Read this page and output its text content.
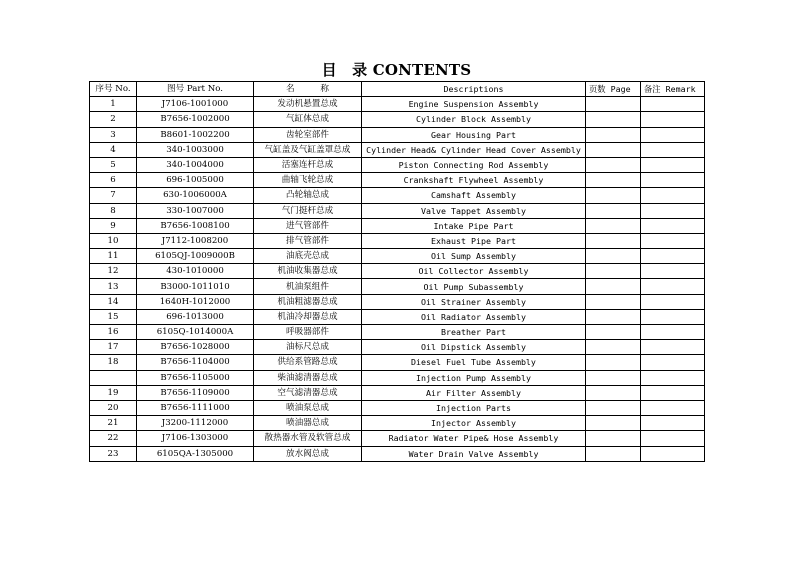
目　录 CONTENTS
序号 No.	图号 Part No.	名　　　称	Descriptions	页数 Page	备注 Remark
1	J7106-1001000	发动机悬置总成	Engine Suspension Assembly		
2	B7656-1002000	气缸体总成	Cylinder Block Assembly		
3	B8601-1002200	齿轮室部件	Gear Housing Part		
4	340-1003000	气缸盖及气缸盖罩总成	Cylinder Head& Cylinder Head Cover Assembly		
5	340-1004000	活塞连杆总成	Piston Connecting Rod Assembly		
6	696-1005000	曲轴飞轮总成	Crankshaft Flywheel Assembly		
7	630-1006000A	凸轮轴总成	Camshaft Assembly		
8	330-1007000	气门挺杆总成	Valve Tappet Assembly		
9	B7656-1008100	进气管部件	Intake Pipe Part		
10	J7112-1008200	排气管部件	Exhaust Pipe Part		
11	6105QJ-1009000B	油底壳总成	Oil Sump Assembly		
12	430-1010000	机油收集器总成	Oil Collector Assembly		
13	B3000-1011010	机油泵组件	Oil Pump Subassembly		
14	1640H-1012000	机油粗滤器总成	Oil Strainer Assembly		
15	696-1013000	机油冷却器总成	Oil Radiator Assembly		
16	6105Q-1014000A	呼吸器部件	Breather Part		
17	B7656-1028000	油标尺总成	Oil Dipstick Assembly		
18	B7656-1104000	供给系管路总成	Diesel Fuel Tube Assembly		
	B7656-1105000	柴油滤清器总成	Injection Pump Assembly		
19	B7656-1109000	空气滤清器总成	Air Filter Assembly		
20	B7656-1111000	喷油泵总成	Injection Parts		
21	J3200-1112000	喷油器总成	Injector Assembly		
22	J7106-1303000	散热器水管及软管总成	Radiator Water Pipe& Hose Assembly		
23	6105QA-1305000	放水阀总成	Water Drain Valve Assembly		
